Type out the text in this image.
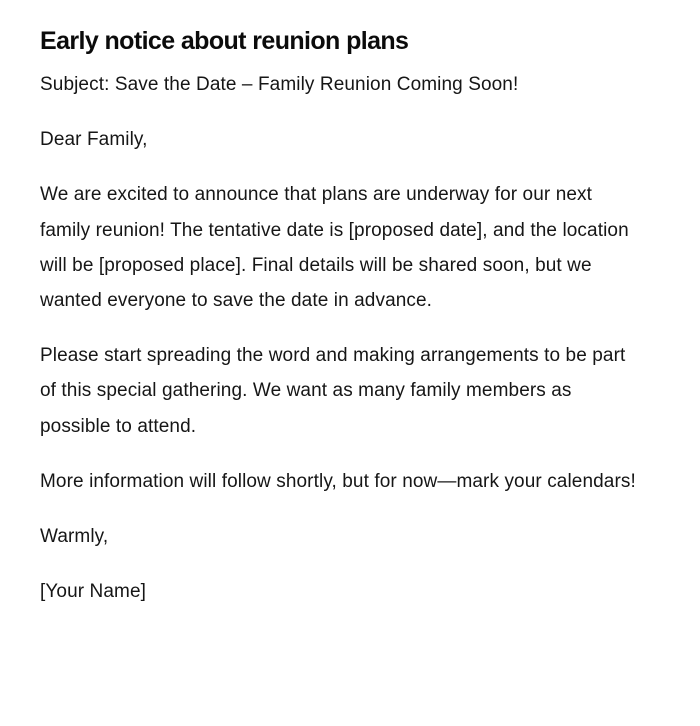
Early notice about reunion plans

Subject: Save the Date – Family Reunion Coming Soon!

Dear Family,

We are excited to announce that plans are underway for our next family reunion! The tentative date is [proposed date], and the location will be [proposed place]. Final details will be shared soon, but we wanted everyone to save the date in advance.

Please start spreading the word and making arrangements to be part of this special gathering. We want as many family members as possible to attend.

More information will follow shortly, but for now—mark your calendars!

Warmly,

[Your Name]
